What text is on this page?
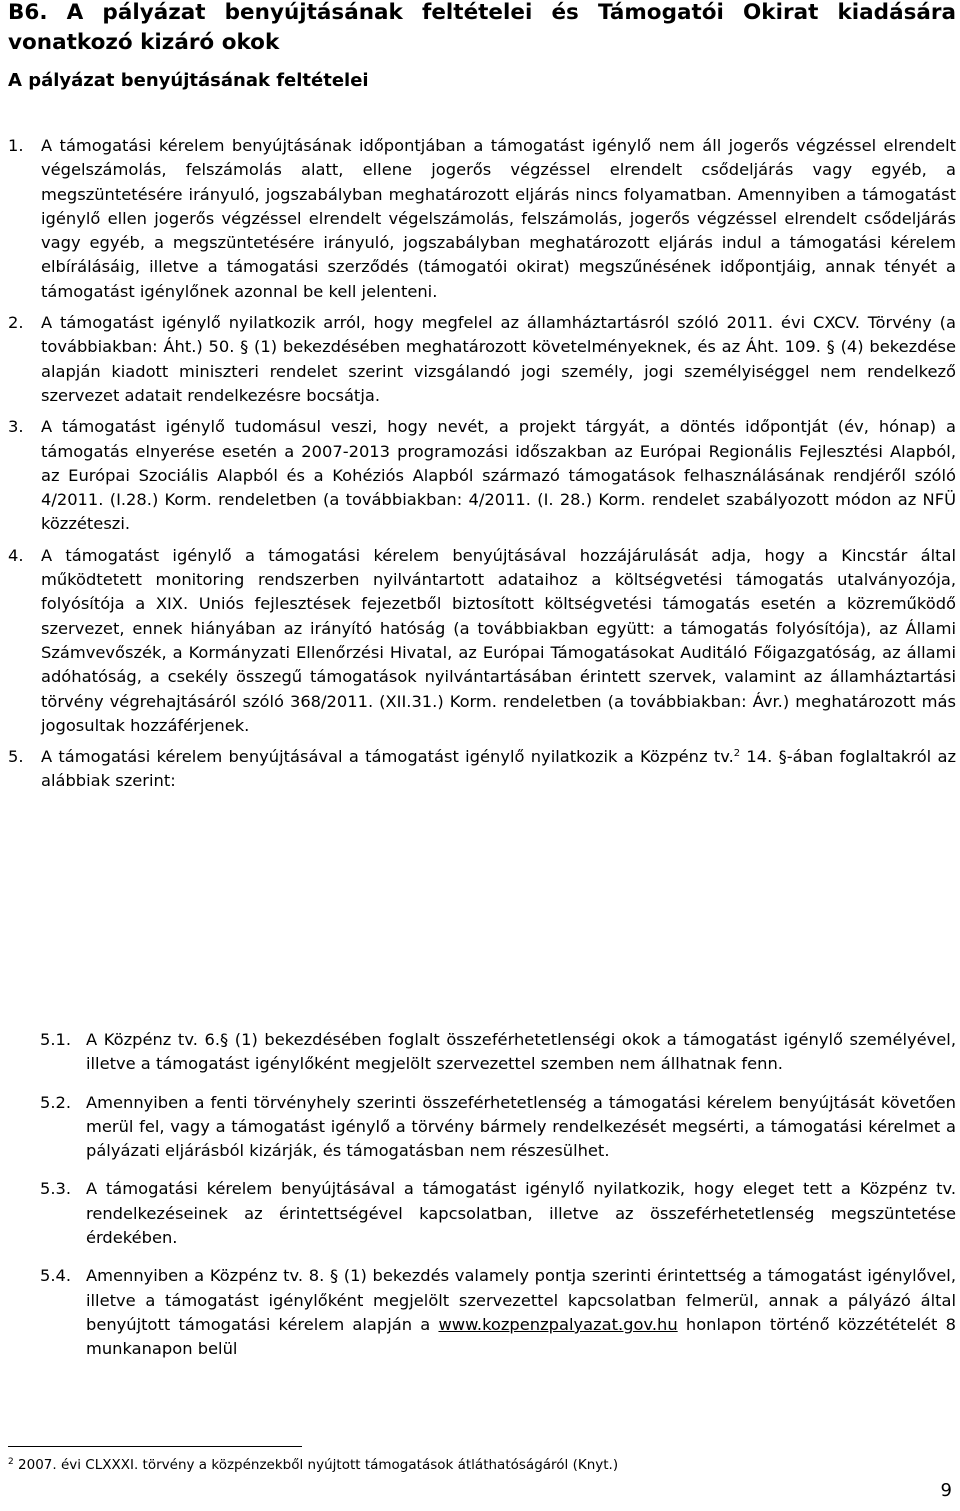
B6. A pályázat benyújtásának feltételei és Támogatói Okirat kiadására vonatkozó kizáró okok
A pályázat benyújtásának feltételei
1. A támogatási kérelem benyújtásának időpontjában a támogatást igénylő nem áll jogerős végzéssel elrendelt végelszámolás, felszámolás alatt, ellene jogerős végzéssel elrendelt csődeljárás vagy egyéb, a megszüntetésére irányuló, jogszabályban meghatározott eljárás nincs folyamatban. Amennyiben a támogatást igénylő ellen jogerős végzéssel elrendelt végelszámolás, felszámolás, jogerős végzéssel elrendelt csődeljárás vagy egyéb, a megszüntetésére irányuló, jogszabályban meghatározott eljárás indul a támogatási kérelem elbírálásáig, illetve a támogatási szerződés (támogatói okirat) megszűnésének időpontjáig, annak tényét a támogatást igénylőnek azonnal be kell jelenteni.
2. A támogatást igénylő nyilatkozik arról, hogy megfelel az államháztartásról szóló 2011. évi CXCV. Törvény (a továbbiakban: Áht.) 50. § (1) bekezdésében meghatározott követelményeknek, és az Áht. 109. § (4) bekezdése alapján kiadott miniszteri rendelet szerint vizsgálandó jogi személy, jogi személyiséggel nem rendelkező szervezet adatait rendelkezésre bocsátja.
3. A támogatást igénylő tudomásul veszi, hogy nevét, a projekt tárgyát, a döntés időpontját (év, hónap) a támogatás elnyerése esetén a 2007-2013 programozási időszakban az Európai Regionális Fejlesztési Alapból, az Európai Szociális Alapból és a Kohéziós Alapból származó támogatások felhasználásának rendjéről szóló 4/2011. (I.28.) Korm. rendeletben (a továbbiakban: 4/2011. (I. 28.) Korm. rendelet szabályozott módon az NFÜ közzéteszi.
4. A támogatást igénylő a támogatási kérelem benyújtásával hozzájárulását adja, hogy a Kincstár által működtetett monitoring rendszerben nyilvántartott adataihoz a költségvetési támogatás utalványozója, folyósítója a XIX. Uniós fejlesztések fejezetből biztosított költségvetési támogatás esetén a közreműködő szervezet, ennek hiányában az irányító hatóság (a továbbiakban együtt: a támogatás folyósítója), az Állami Számvevőszék, a Kormányzati Ellenőrzési Hivatal, az Európai Támogatásokat Auditáló Főigazgatóság, az állami adóhatóság, a csekély összegű támogatások nyilvántartásában érintett szervek, valamint az államháztartási törvény végrehajtásáról szóló 368/2011. (XII.31.) Korm. rendeletben (a továbbiakban: Ávr.) meghatározott más jogosultak hozzáférjenek.
5. A támogatási kérelem benyújtásával a támogatást igénylő nyilatkozik a Közpénz tv.$^2$ 14. §-ában foglaltakról az alábbiak szerint:
5.1. A Közpénz tv. 6.§ (1) bekezdésében foglalt összeférhetetlenségi okok a támogatást igénylő személyével, illetve a támogatást igénylőként megjelölt szervezettel szemben nem állhatnak fenn.
5.2. Amennyiben a fenti törvényhely szerinti összeférhetetlenség a támogatási kérelem benyújtását követően merül fel, vagy a támogatást igénylő a törvény bármely rendelkezését megsérti, a támogatási kérelmet a pályázati eljárásból kizárják, és támogatásban nem részesülhet.
5.3. A támogatási kérelem benyújtásával a támogatást igénylő nyilatkozik, hogy eleget tett a Közpénz tv. rendelkezéseinek az érintettségével kapcsolatban, illetve az összeférhetetlenség megszüntetése érdekében.
5.4. Amennyiben a Közpénz tv. 8. § (1) bekezdés valamely pontja szerinti érintettség a támogatást igénylővel, illetve a támogatást igénylőként megjelölt szervezettel kapcsolatban felmerül, annak a pályázó által benyújtott támogatási kérelem alapján a www.kozpenzpalyazat.gov.hu honlapon történő közzétételét 8 munkanapon belül
$^2$ 2007. évi CLXXXI. törvény a közpénzekből nyújtott támogatások átláthatóságáról (Knyt.)
9
